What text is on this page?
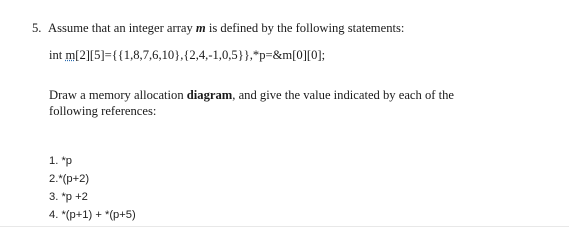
5. Assume that an integer array m is defined by the following statements:
int m[2][5]={{1,8,7,6,10},{2,4,-1,0,5}},*p=&m[0][0];
Draw a memory allocation diagram, and give the value indicated by each of the
following references:
1. *p
2.*(p+2)
3. *p +2
4. *(p+1) + *(p+5)
